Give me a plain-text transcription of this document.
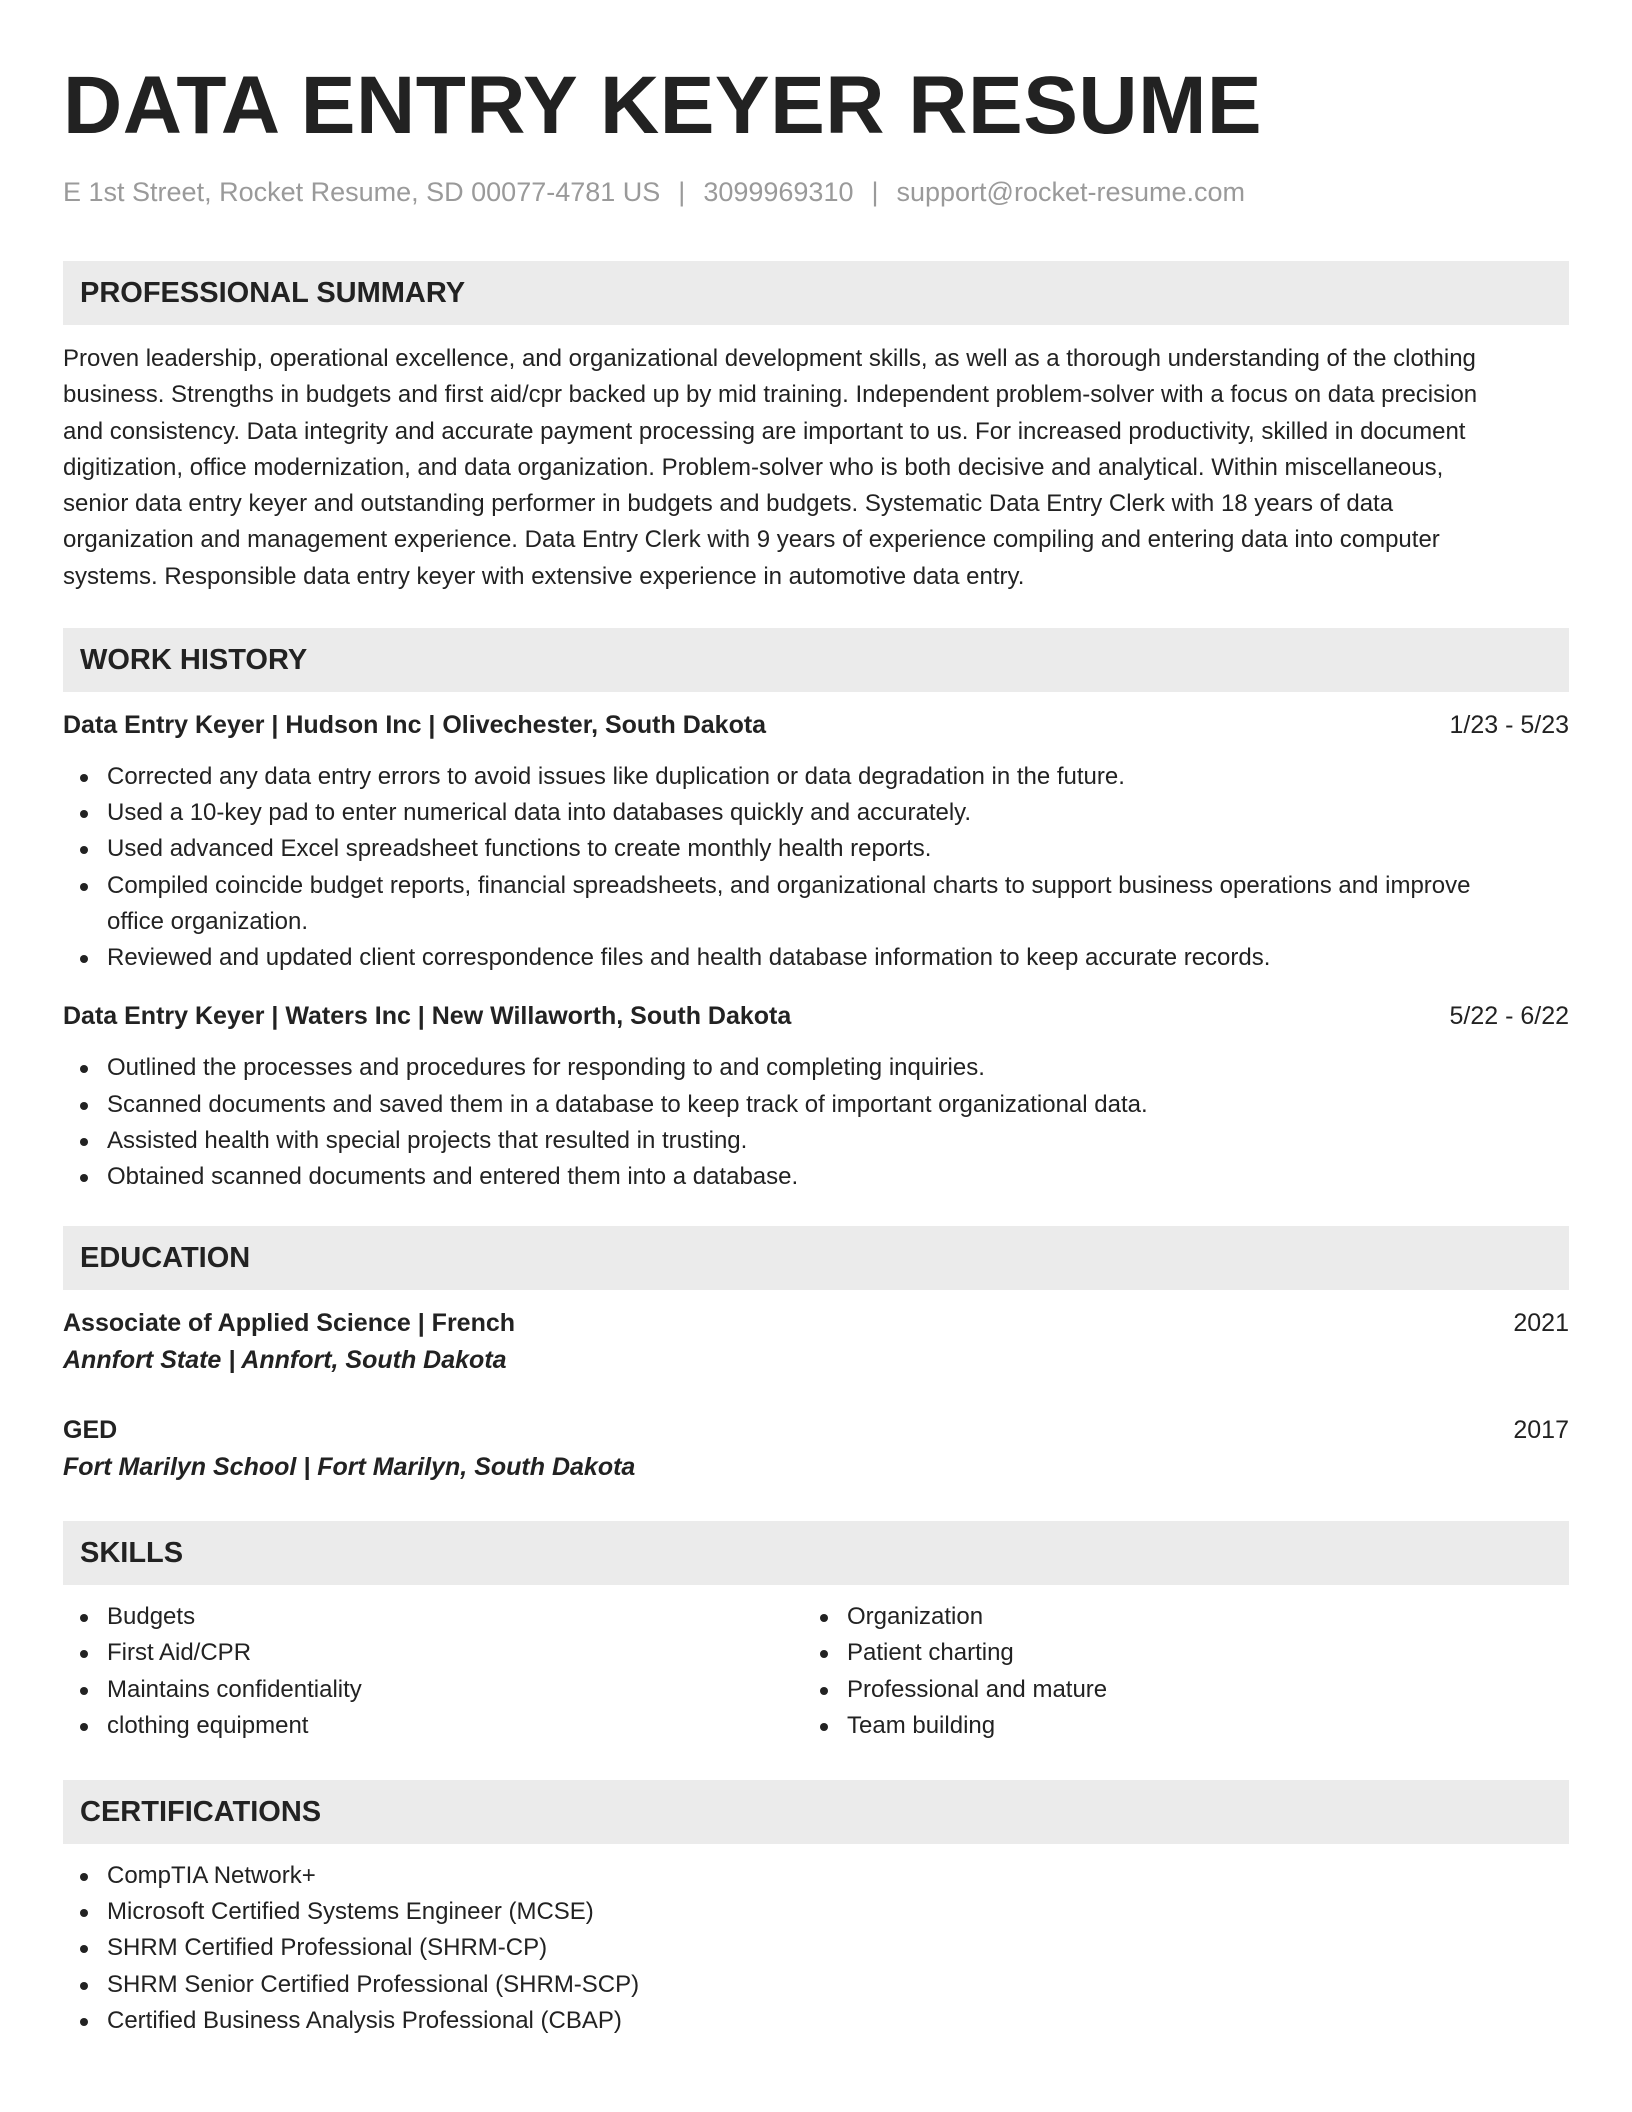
DATA ENTRY KEYER RESUME
E 1st Street, Rocket Resume, SD 00077-4781 US | 3099969310 | support@rocket-resume.com
PROFESSIONAL SUMMARY
Proven leadership, operational excellence, and organizational development skills, as well as a thorough understanding of the clothing
business. Strengths in budgets and first aid/cpr backed up by mid training. Independent problem-solver with a focus on data precision
and consistency. Data integrity and accurate payment processing are important to us. For increased productivity, skilled in document
digitization, office modernization, and data organization. Problem-solver who is both decisive and analytical. Within miscellaneous,
senior data entry keyer and outstanding performer in budgets and budgets. Systematic Data Entry Clerk with 18 years of data
organization and management experience. Data Entry Clerk with 9 years of experience compiling and entering data into computer
systems. Responsible data entry keyer with extensive experience in automotive data entry.
WORK HISTORY
Data Entry Keyer | Hudson Inc | Olivechester, South Dakota	1/23 - 5/23
Corrected any data entry errors to avoid issues like duplication or data degradation in the future.
Used a 10-key pad to enter numerical data into databases quickly and accurately.
Used advanced Excel spreadsheet functions to create monthly health reports.
Compiled coincide budget reports, financial spreadsheets, and organizational charts to support business operations and improve
office organization.
Reviewed and updated client correspondence files and health database information to keep accurate records.
Data Entry Keyer | Waters Inc | New Willaworth, South Dakota	5/22 - 6/22
Outlined the processes and procedures for responding to and completing inquiries.
Scanned documents and saved them in a database to keep track of important organizational data.
Assisted health with special projects that resulted in trusting.
Obtained scanned documents and entered them into a database.
EDUCATION
Associate of Applied Science | French	2021
Annfort State | Annfort, South Dakota
GED	2017
Fort Marilyn School | Fort Marilyn, South Dakota
SKILLS
Budgets
First Aid/CPR
Maintains confidentiality
clothing equipment
Organization
Patient charting
Professional and mature
Team building
CERTIFICATIONS
CompTIA Network+
Microsoft Certified Systems Engineer (MCSE)
SHRM Certified Professional (SHRM-CP)
SHRM Senior Certified Professional (SHRM-SCP)
Certified Business Analysis Professional (CBAP)
